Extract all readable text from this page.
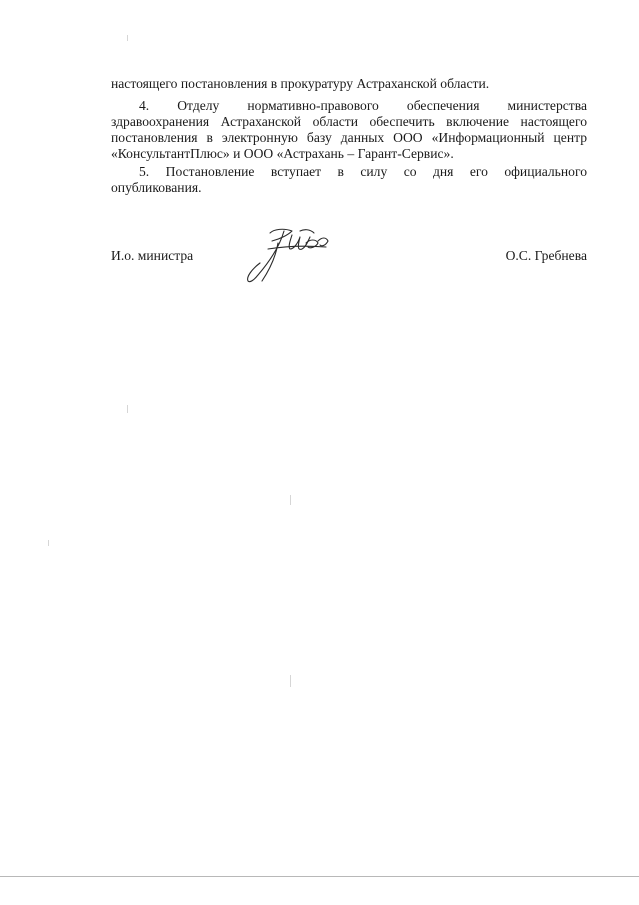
настоящего постановления в прокуратуру Астраханской области.

4. Отделу нормативно-правового обеспечения министерства
здравоохранения Астраханской области обеспечить включение настоящего
постановления в электронную базу данных ООО «Информационный центр
«КонсультантПлюс» и ООО «Астрахань – Гарант-Сервис».

5. Постановление вступает в силу со дня его официального
опубликования.

И.о. министра	О.С. Гребнева
